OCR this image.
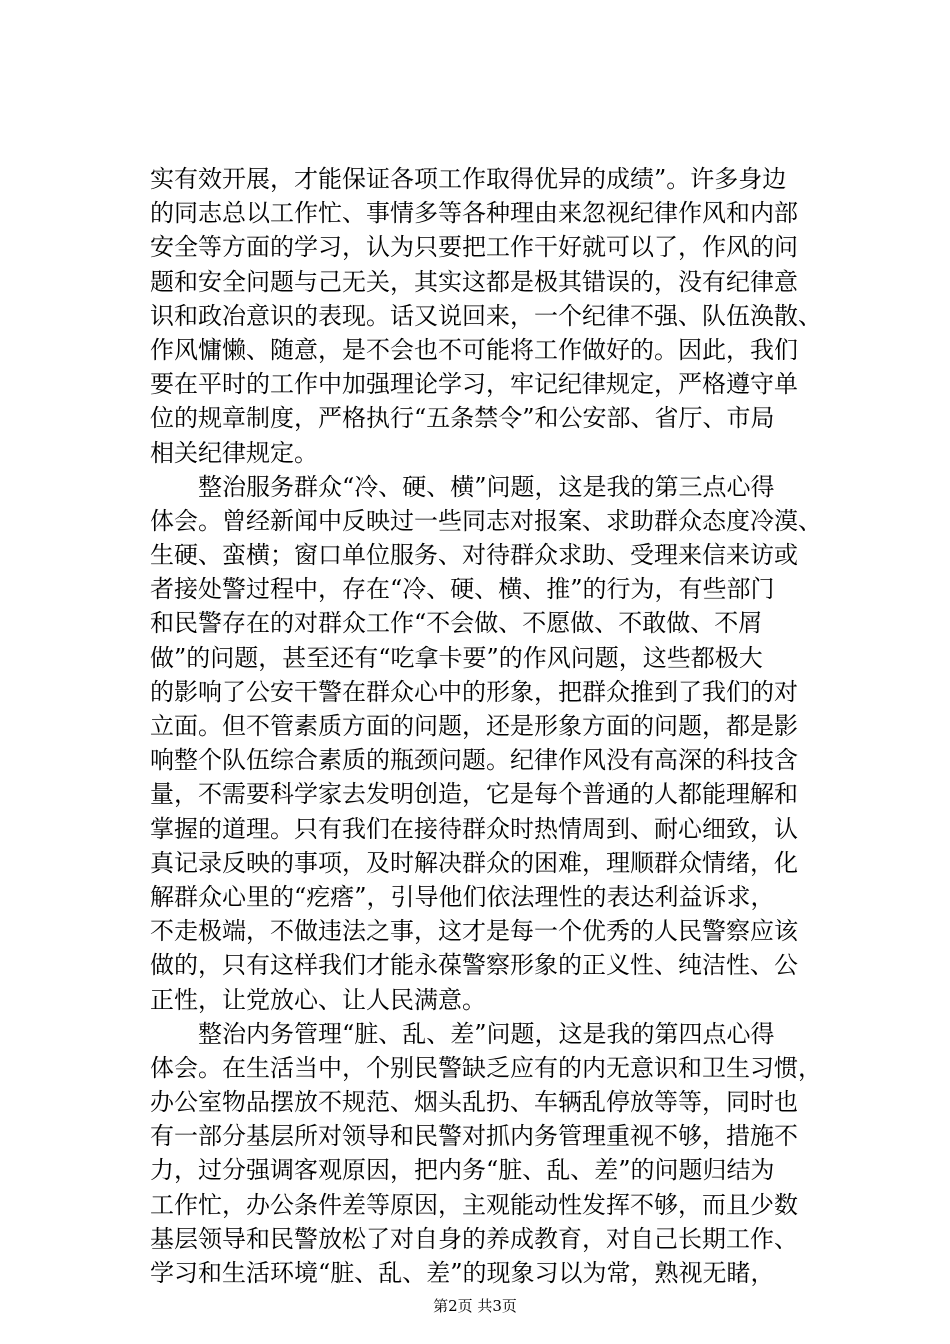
实有效开展，才能保证各项工作取得优异的成绩”。许多身边
的同志总以工作忙、事情多等各种理由来忽视纪律作风和内部
安全等方面的学习，认为只要把工作干好就可以了，作风的问
题和安全问题与己无关，其实这都是极其错误的，没有纪律意
识和政冶意识的表现。话又说回来，一个纪律不强、队伍涣散、
作风慵懒、随意，是不会也不可能将工作做好的。因此，我们
要在平时的工作中加强理论学习，牢记纪律规定，严格遵守单
位的规章制度，严格执行“五条禁令”和公安部、省厅、市局
相关纪律规定。
整治服务群众“冷、硬、横”问题，这是我的第三点心得
体会。曾经新闻中反映过一些同志对报案、求助群众态度冷漠、
生硬、蛮横；窗口单位服务、对待群众求助、受理来信来访或
者接处警过程中，存在“冷、硬、横、推”的行为，有些部门
和民警存在的对群众工作“不会做、不愿做、不敢做、不屑
做”的问题，甚至还有“吃拿卡要”的作风问题，这些都极大
的影响了公安干警在群众心中的形象，把群众推到了我们的对
立面。但不管素质方面的问题，还是形象方面的问题，都是影
响整个队伍综合素质的瓶颈问题。纪律作风没有高深的科技含
量，不需要科学家去发明创造，它是每个普通的人都能理解和
掌握的道理。只有我们在接待群众时热情周到、耐心细致，认
真记录反映的事项，及时解决群众的困难，理顺群众情绪，化
解群众心里的“疙瘩”，引导他们依法理性的表达利益诉求，
不走极端，不做违法之事，这才是每一个优秀的人民警察应该
做的，只有这样我们才能永葆警察形象的正义性、纯洁性、公
正性，让党放心、让人民满意。
整治内务管理“脏、乱、差”问题，这是我的第四点心得
体会。在生活当中，个别民警缺乏应有的内无意识和卫生习惯，
办公室物品摆放不规范、烟头乱扔、车辆乱停放等等，同时也
有一部分基层所对领导和民警对抓内务管理重视不够，措施不
力，过分强调客观原因，把内务“脏、乱、差”的问题归结为
工作忙，办公条件差等原因，主观能动性发挥不够，而且少数
基层领导和民警放松了对自身的养成教育，对自己长期工作、
学习和生活环境“脏、乱、差”的现象习以为常，熟视无睹，
第2页 共3页
